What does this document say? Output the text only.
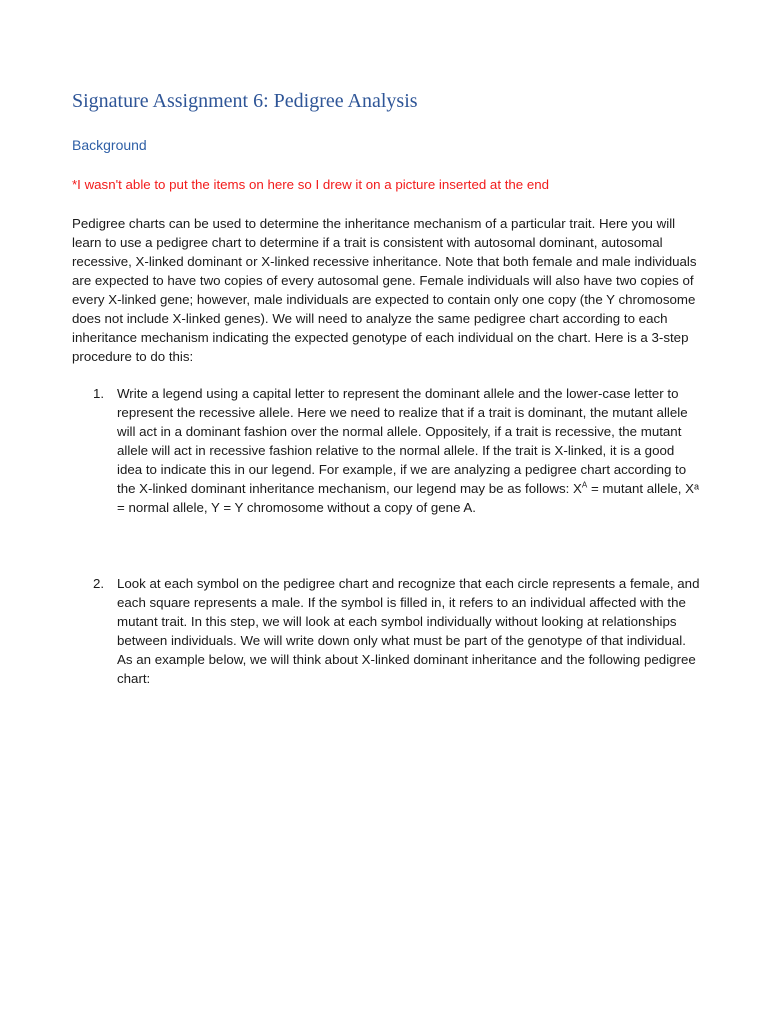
Signature Assignment 6: Pedigree Analysis
Background

*I wasn't able to put the items on here so I drew it on a picture inserted at the end

Pedigree charts can be used to determine the inheritance mechanism of a particular trait. Here you will learn to use a pedigree chart to determine if a trait is consistent with autosomal dominant, autosomal recessive, X-linked dominant or X-linked recessive inheritance. Note that both female and male individuals are expected to have two copies of every autosomal gene. Female individuals will also have two copies of every X-linked gene; however, male individuals are expected to contain only one copy (the Y chromosome does not include X-linked genes). We will need to analyze the same pedigree chart according to each inheritance mechanism indicating the expected genotype of each individual on the chart. Here is a 3-step procedure to do this:

1. Write a legend using a capital letter to represent the dominant allele and the lower-case letter to represent the recessive allele. Here we need to realize that if a trait is dominant, the mutant allele will act in a dominant fashion over the normal allele. Oppositely, if a trait is recessive, the mutant allele will act in recessive fashion relative to the normal allele. If the trait is X-linked, it is a good idea to indicate this in our legend. For example, if we are analyzing a pedigree chart according to the X-linked dominant inheritance mechanism, our legend may be as follows: $X^A = mutant$ allele, Xᵃ = normal allele, Y = Y chromosome without a copy of gene A.
2. Look at each symbol on the pedigree chart and recognize that each circle represents a female, and each square represents a male. If the symbol is filled in, it refers to an individual affected with the mutant trait. In this step, we will look at each symbol individually without looking at relationships between individuals. We will write down only what must be part of the genotype of that individual. As an example below, we will think about X-linked dominant inheritance and the following pedigree chart:
